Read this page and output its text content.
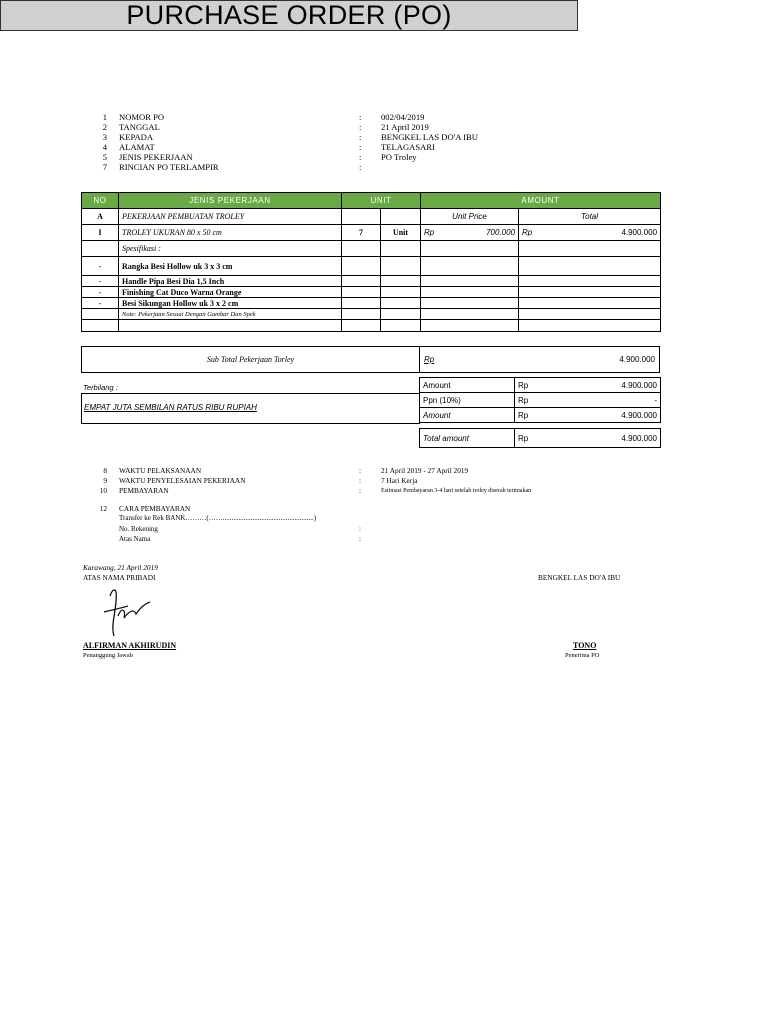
PURCHASE ORDER (PO)
1 NOMOR PO	: 002/04/2019
2 TANGGAL	: 21 April 2019
3 KEPADA	: BENGKEL LAS DO'A IBU
4 ALAMAT	: TELAGASARI
5 JENIS PEKERJAAN	: PO Troley
7 RINCIAN PO TERLAMPIR	:
NO	JENIS PEKERJAAN	UNIT		AMOUNT	
A	PEKERJAAN PEMBUATAN TROLEY			Unit Price	Total
I	TROLEY UKURAN 80 x 50 cm	7	Unit	Rp 700.000	Rp 4.900.000

	Spesifikasi :				
-	Rangka Besi Hollow uk 3 x 3 cm				
-	Handle Pipa Besi Dia 1,5 Inch				
-	Finishing Cat Duco Warna Orange				
-	Besi Sikungan Hollow uk 3 x 2 cm				
	Note: Pekerjaan Sesuai Dengan Gambar Dan Spek				

Sub Total Pekerjaan Torley	Rp	4.900.000
Terbilang :
EMPAT JUTA SEMBILAN RATUS RIBU RUPIAH
Amount	Rp	4.900.000
Ppn (10%)	Rp	-
Amount	Rp	4.900.000
Total amount	Rp	4.900.000
8 WAKTU PELAKSANAAN	:	21 April 2019 - 27 April 2019
9 WAKTU PENYELESAIAN PEKERJAAN	:	7 Hari Kerja
10 PEMBAYARAN	:	Estimasi Pembayaran 3-4 hari setelah troley diserah terimakan
12 CARA PEMBAYARAN
Transfer ke Rek BANK………(……....................................................)
No. Rekening	:
Atas Nama	:
Karawang, 21 April 2019
ATAS NAMA PRIBADI	BENGKEL LAS DO'A IBU
ALFIRMAN AKHIRUDIN
Penanggung Jawab
TONO
Penerima PO
